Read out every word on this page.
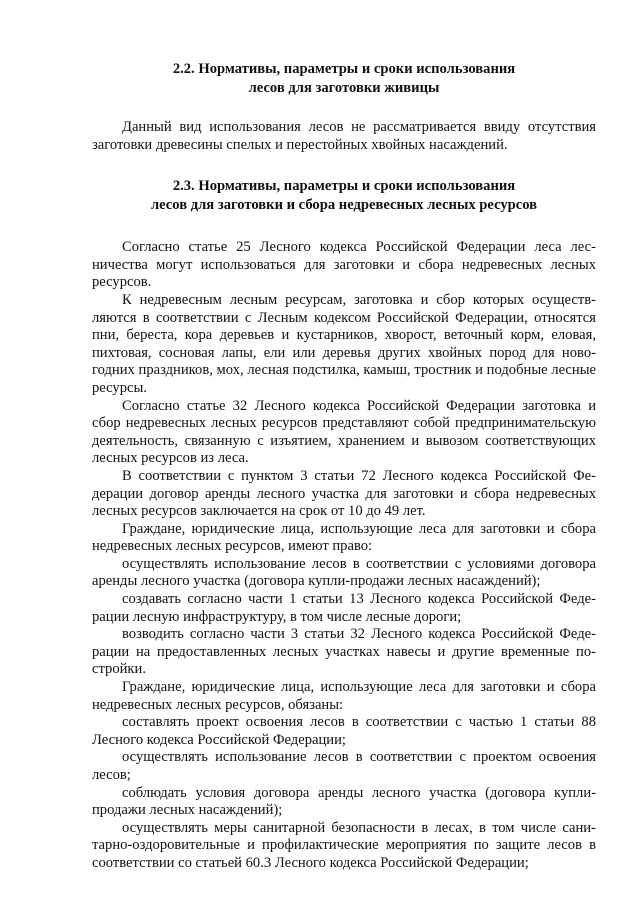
2.2. Нормативы, параметры и сроки использования
лесов для заготовки живицы

Данный вид использования лесов не рассматривается ввиду отсутствия заготовки древесины спелых и перестойных хвойных насаждений.

2.3. Нормативы, параметры и сроки использования
лесов для заготовки и сбора недревесных лесных ресурсов

Согласно статье 25 Лесного кодекса Российской Федерации леса лесничества могут использоваться для заготовки и сбора недревесных лесных ресурсов.

К недревесным лесным ресурсам, заготовка и сбор которых осуществляются в соответствии с Лесным кодексом Российской Федерации, относятся пни, береста, кора деревьев и кустарников, хворост, веточный корм, еловая, пихтовая, сосновая лапы, ели или деревья других хвойных пород для новогодних праздников, мох, лесная подстилка, камыш, тростник и подобные лесные ресурсы.

Согласно статье 32 Лесного кодекса Российской Федерации заготовка и сбор недревесных лесных ресурсов представляют собой предпринимательскую деятельность, связанную с изъятием, хранением и вывозом соответствующих лесных ресурсов из леса.

В соответствии с пунктом 3 статьи 72 Лесного кодекса Российской Федерации договор аренды лесного участка для заготовки и сбора недревесных лесных ресурсов заключается на срок от 10 до 49 лет.

Граждане, юридические лица, использующие леса для заготовки и сбора недревесных лесных ресурсов, имеют право:

осуществлять использование лесов в соответствии с условиями договора аренды лесного участка (договора купли-продажи лесных насаждений);

создавать согласно части 1 статьи 13 Лесного кодекса Российской Федерации лесную инфраструктуру, в том числе лесные дороги;

возводить согласно части 3 статьи 32 Лесного кодекса Российской Федерации на предоставленных лесных участках навесы и другие временные постройки.

Граждане, юридические лица, использующие леса для заготовки и сбора недревесных лесных ресурсов, обязаны:

составлять проект освоения лесов в соответствии с частью 1 статьи 88 Лесного кодекса Российской Федерации;

осуществлять использование лесов в соответствии с проектом освоения лесов;

соблюдать условия договора аренды лесного участка (договора купли-продажи лесных насаждений);

осуществлять меры санитарной безопасности в лесах, в том числе санитарно-оздоровительные и профилактические мероприятия по защите лесов в соответствии со статьей 60.3 Лесного кодекса Российской Федерации;
